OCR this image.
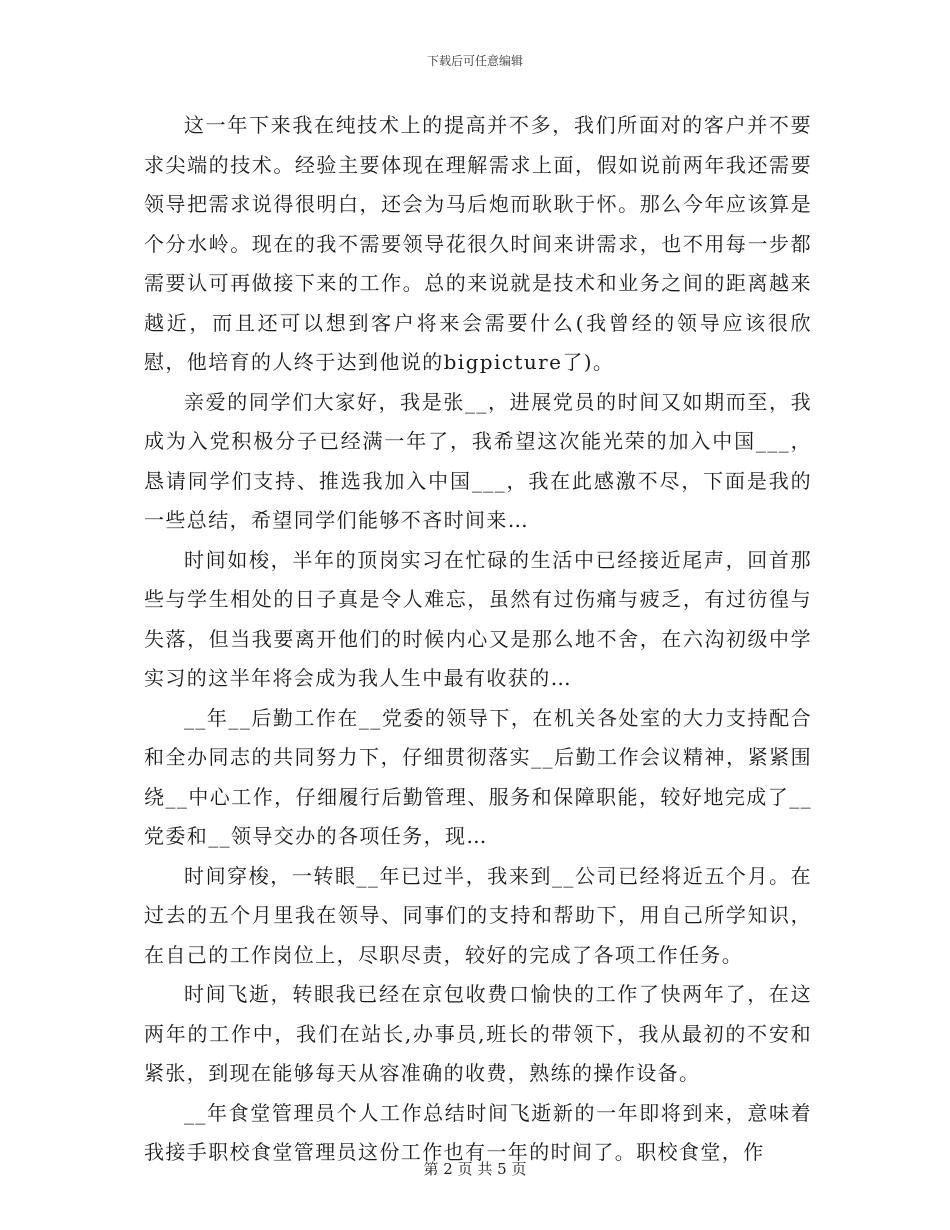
下载后可任意编辑

这一年下来我在纯技术上的提高并不多，我们所面对的客户并不要求尖端的技术。经验主要体现在理解需求上面，假如说前两年我还需要领导把需求说得很明白，还会为马后炮而耿耿于怀。那么今年应该算是个分水岭。现在的我不需要领导花很久时间来讲需求，也不用每一步都需要认可再做接下来的工作。总的来说就是技术和业务之间的距离越来越近，而且还可以想到客户将来会需要什么(我曾经的领导应该很欣慰，他培育的人终于达到他说的bigpicture了)。

亲爱的同学们大家好，我是张__，进展党员的时间又如期而至，我成为入党积极分子已经满一年了，我希望这次能光荣的加入中国___，恳请同学们支持、推选我加入中国___，我在此感激不尽，下面是我的一些总结，希望同学们能够不吝时间来…

时间如梭，半年的顶岗实习在忙碌的生活中已经接近尾声，回首那些与学生相处的日子真是令人难忘，虽然有过伤痛与疲乏，有过彷徨与失落，但当我要离开他们的时候内心又是那么地不舍，在六沟初级中学实习的这半年将会成为我人生中最有收获的…

__年__后勤工作在__党委的领导下，在机关各处室的大力支持配合和全办同志的共同努力下，仔细贯彻落实__后勤工作会议精神，紧紧围绕__中心工作，仔细履行后勤管理、服务和保障职能，较好地完成了__党委和__领导交办的各项任务，现…

时间穿梭，一转眼__年已过半，我来到__公司已经将近五个月。在过去的五个月里我在领导、同事们的支持和帮助下，用自己所学知识，在自己的工作岗位上，尽职尽责，较好的完成了各项工作任务。

时间飞逝，转眼我已经在京包收费口愉快的工作了快两年了，在这两年的工作中，我们在站长,办事员,班长的带领下，我从最初的不安和紧张，到现在能够每天从容准确的收费，熟练的操作设备。

__年食堂管理员个人工作总结时间飞逝新的一年即将到来，意味着我接手职校食堂管理员这份工作也有一年的时间了。职校食堂，作

第 2 页 共 5 页
